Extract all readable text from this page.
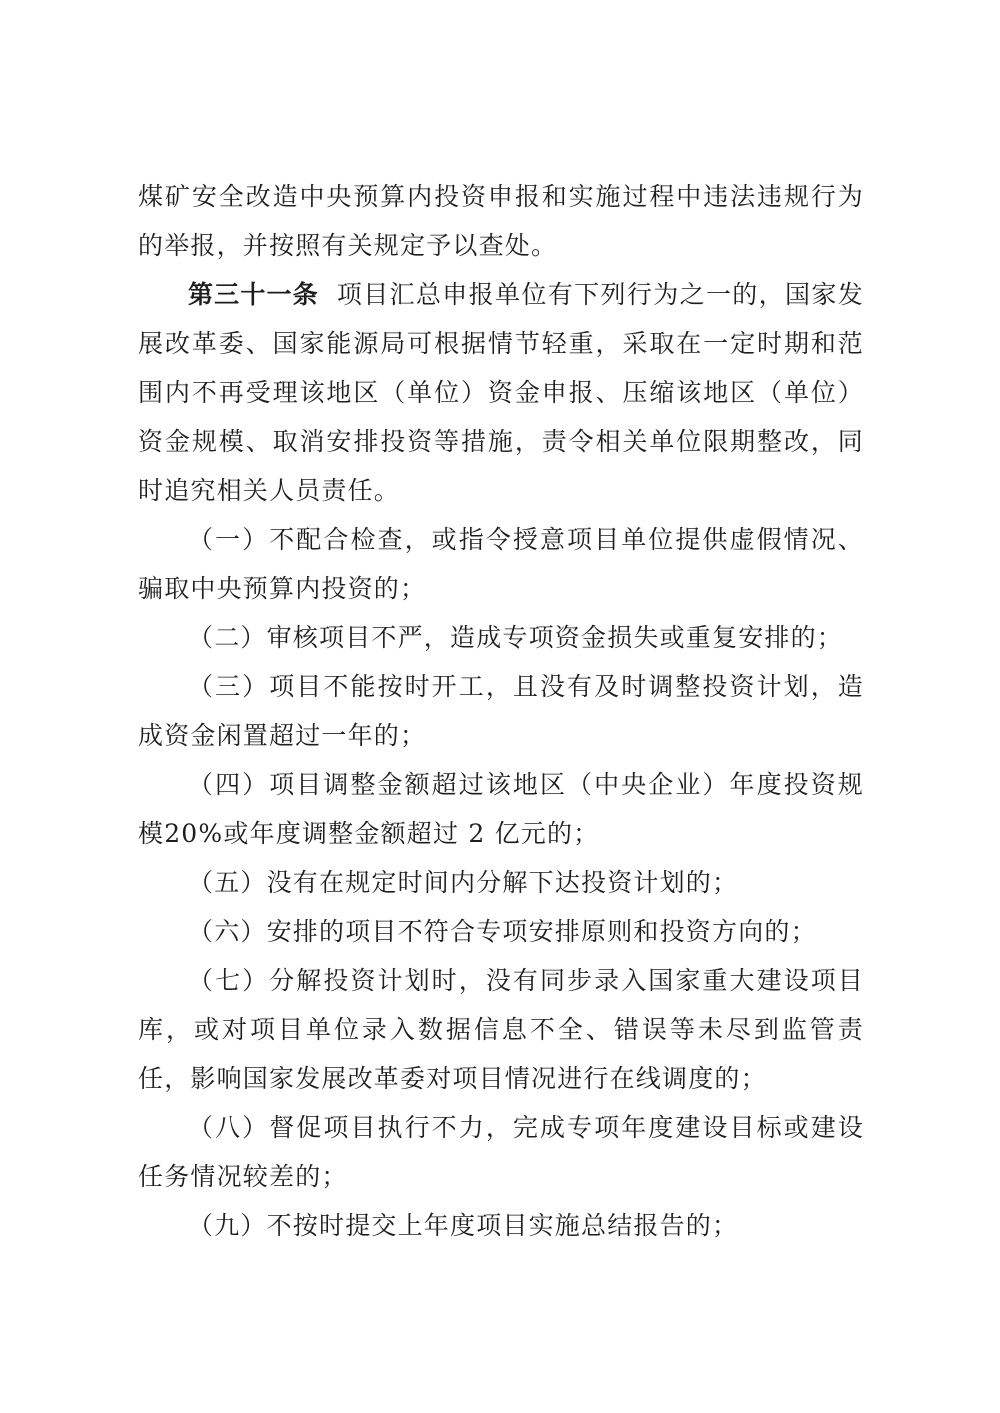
煤矿安全改造中央预算内投资申报和实施过程中违法违规行为的举报，并按照有关规定予以查处。

第三十一条 项目汇总申报单位有下列行为之一的，国家发展改革委、国家能源局可根据情节轻重，采取在一定时期和范围内不再受理该地区（单位）资金申报、压缩该地区（单位）资金规模、取消安排投资等措施，责令相关单位限期整改，同时追究相关人员责任。

（一）不配合检查，或指令授意项目单位提供虚假情况、骗取中央预算内投资的；

（二）审核项目不严，造成专项资金损失或重复安排的；

（三）项目不能按时开工，且没有及时调整投资计划，造成资金闲置超过一年的；

（四）项目调整金额超过该地区（中央企业）年度投资规模20%或年度调整金额超过 2 亿元的；

（五）没有在规定时间内分解下达投资计划的；

（六）安排的项目不符合专项安排原则和投资方向的；

（七）分解投资计划时，没有同步录入国家重大建设项目库，或对项目单位录入数据信息不全、错误等未尽到监管责任，影响国家发展改革委对项目情况进行在线调度的；

（八）督促项目执行不力，完成专项年度建设目标或建设任务情况较差的；

（九）不按时提交上年度项目实施总结报告的；
